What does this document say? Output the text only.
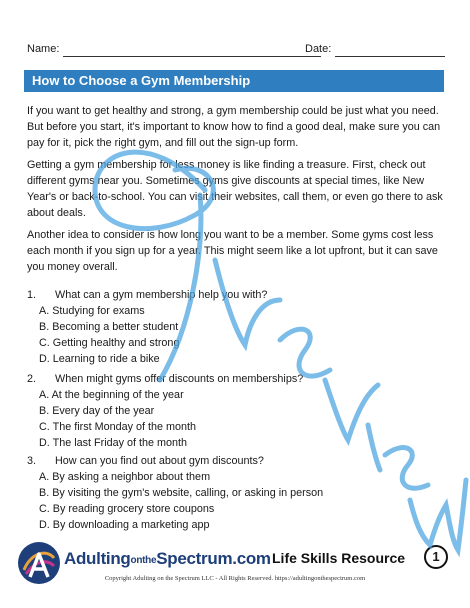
Name:	Date:
How to Choose a Gym Membership

If you want to get healthy and strong, a gym membership could be just what you need. But before you start, it's important to know how to find a good deal, make sure you can pay for it, pick the right gym, and fill out the sign-up form.

Getting a gym membership for less money is like finding a treasure. First, check out different gyms near you. Sometimes gyms give discounts at special times, like New Year's or back-to-school. You can visit their websites, call them, or even go there to ask about deals.

Another idea to consider is how long you want to be a member. Some gyms cost less each month if you sign up for a year. This might seem like a lot upfront, but it can save you money overall.

1.	What can a gym membership help you with?
A. Studying for exams
B. Becoming a better student
C. Getting healthy and strong
D. Learning to ride a bike
2.	When might gyms offer discounts on memberships?
A. At the beginning of the year
B. Every day of the year
C. The first Monday of the month
D. The last Friday of the month
3.	How can you find out about gym discounts?
A. By asking a neighbor about them
B. By visiting the gym's website, calling, or asking in person
C. By reading grocery store coupons
D. By downloading a marketing app
AdultingontheSpectrum.com Life Skills Resource	1
Copyright Adulting on the Spectrum LLC - All Rights Reserved. https://adultingonthespectrum.com
